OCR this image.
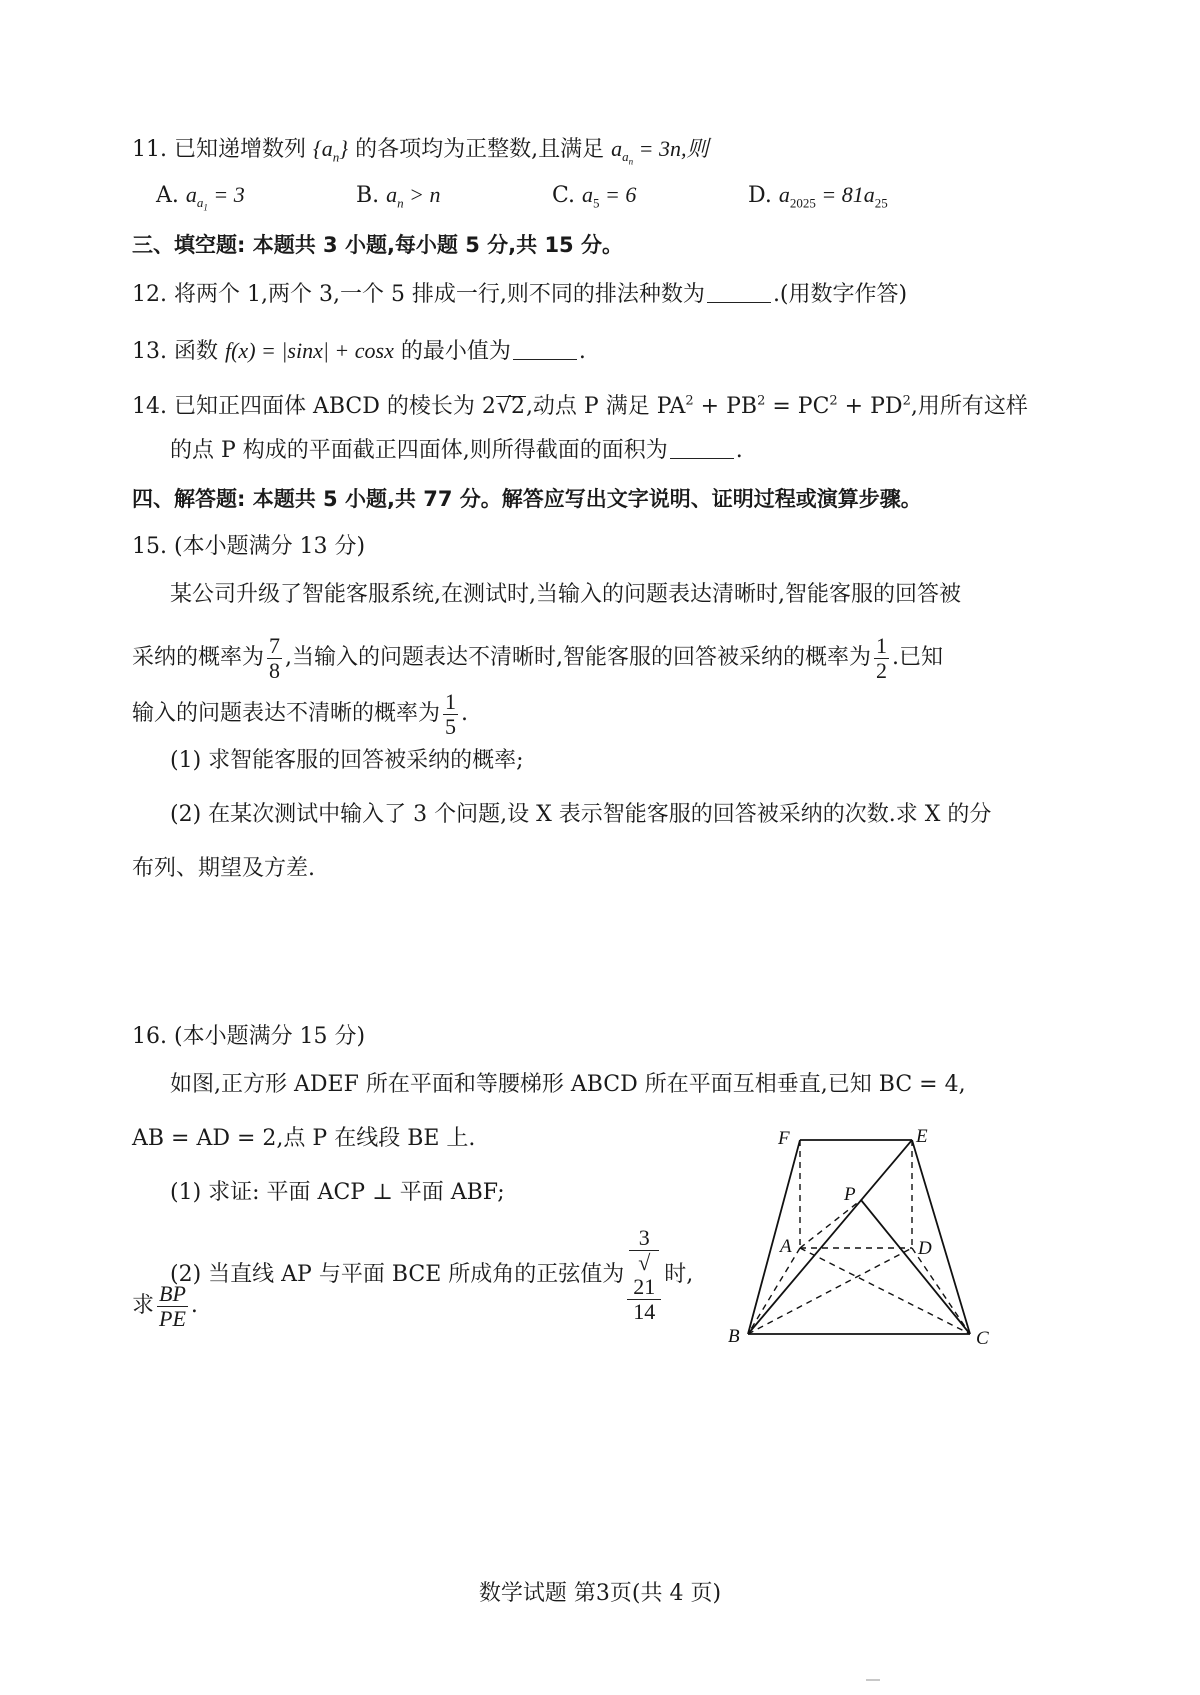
11. 已知递增数列 $\{a_n\}$ 的各项均为正整数,且满足 $a_{a_n} = 3n$,则
A. $a_{a_1} = 3$	B. $a_n > n$	C. $a_5 = 6$	D. $a_{2025} = 81a_{25}$
三、填空题: 本题共 3 小题,每小题 5 分,共 15 分。
12. 将两个 1,两个 3,一个 5 排成一行,则不同的排法种数为	.(用数字作答)
13. 函数 f(x) = |sinx| + cosx 的最小值为	.
14. 已知正四面体 ABCD 的棱长为 2√2,动点 P 满足 $PA^2 + PB^2 = PC^2 + PD^2$,用所有这样
的点 P 构成的平面截正四面体,则所得截面的面积为	.
四、解答题: 本题共 5 小题,共 77 分。解答应写出文字说明、证明过程或演算步骤。
15. (本小题满分 13 分)
某公司升级了智能客服系统,在测试时,当输入的问题表达清晰时,智能客服的回答被
采纳的概率为 $\frac{7}{8}$ ,当输入的问题表达不清晰时,智能客服的回答被采纳的概率为 $\frac{1}{2}$ .已知
输入的问题表达不清晰的概率为 $\frac{1}{5}$ .
(1) 求智能客服的回答被采纳的概率;
(2) 在某次测试中输入了 3 个问题,设 X 表示智能客服的回答被采纳的次数.求 X 的分
布列、期望及方差.
16. (本小题满分 15 分)
如图,正方形 ADEF 所在平面和等腰梯形 ABCD 所在平面互相垂直,已知 BC = 4,
AB = AD = 2,点 P 在线段 BE 上.
(1) 求证: 平面 ACP ⊥ 平面 ABF;
(2) 当直线 AP 与平面 BCE 所成角的正弦值为 3
√
21
14 时,
求 $\frac{BP}{PE}$ .
F	E
P
A	D
B	C
数学试题 第3页(共 4 页)
